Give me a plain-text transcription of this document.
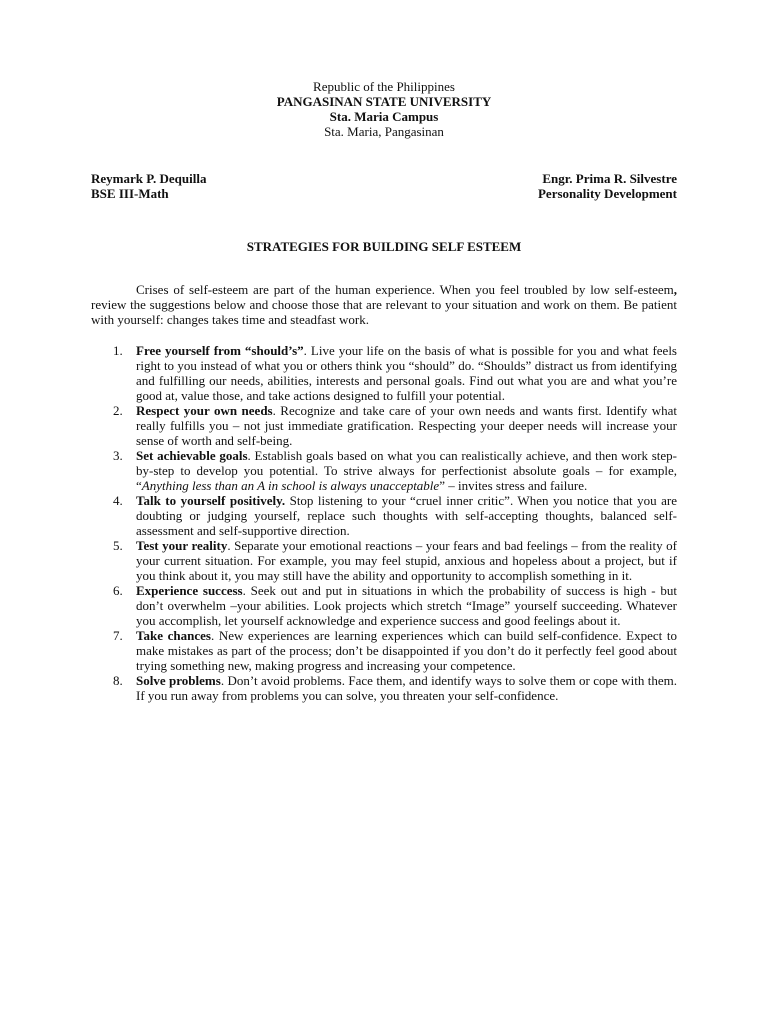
Republic of the Philippines
PANGASINAN STATE UNIVERSITY
Sta. Maria Campus
Sta. Maria, Pangasinan
Reymark P. Dequilla	Engr. Prima R. Silvestre
BSE III-Math	Personality Development
STRATEGIES FOR BUILDING SELF ESTEEM

Crises of self-esteem are part of the human experience. When you feel troubled by low self-esteem, review the suggestions below and choose those that are relevant to your situation and work on them. Be patient with yourself: changes takes time and steadfast work.

1. Free yourself from “should’s”. Live your life on the basis of what is possible for you and what feels right to you instead of what you or others think you “should” do. “Shoulds” distract us from identifying and fulfilling our needs, abilities, interests and personal goals. Find out what you are and what you’re good at, value those, and take actions designed to fulfill your potential.
2. Respect your own needs. Recognize and take care of your own needs and wants first. Identify what really fulfills you – not just immediate gratification. Respecting your deeper needs will increase your sense of worth and self-being.
3. Set achievable goals. Establish goals based on what you can realistically achieve, and then work step-by-step to develop you potential. To strive always for perfectionist absolute goals – for example, “Anything less than an A in school is always unacceptable” – invites stress and failure.
4. Talk to yourself positively. Stop listening to your “cruel inner critic”. When you notice that you are doubting or judging yourself, replace such thoughts with self-accepting thoughts, balanced self-assessment and self-supportive direction.
5. Test your reality. Separate your emotional reactions – your fears and bad feelings – from the reality of your current situation. For example, you may feel stupid, anxious and hopeless about a project, but if you think about it, you may still have the ability and opportunity to accomplish something in it.
6. Experience success. Seek out and put in situations in which the probability of success is high - but don’t overwhelm –your abilities. Look projects which stretch “Image” yourself succeeding. Whatever you accomplish, let yourself acknowledge and experience success and good feelings about it.
7. Take chances. New experiences are learning experiences which can build self-confidence. Expect to make mistakes as part of the process; don’t be disappointed if you don’t do it perfectly feel good about trying something new, making progress and increasing your competence.
8. Solve problems. Don’t avoid problems. Face them, and identify ways to solve them or cope with them. If you run away from problems you can solve, you threaten your self-confidence.
